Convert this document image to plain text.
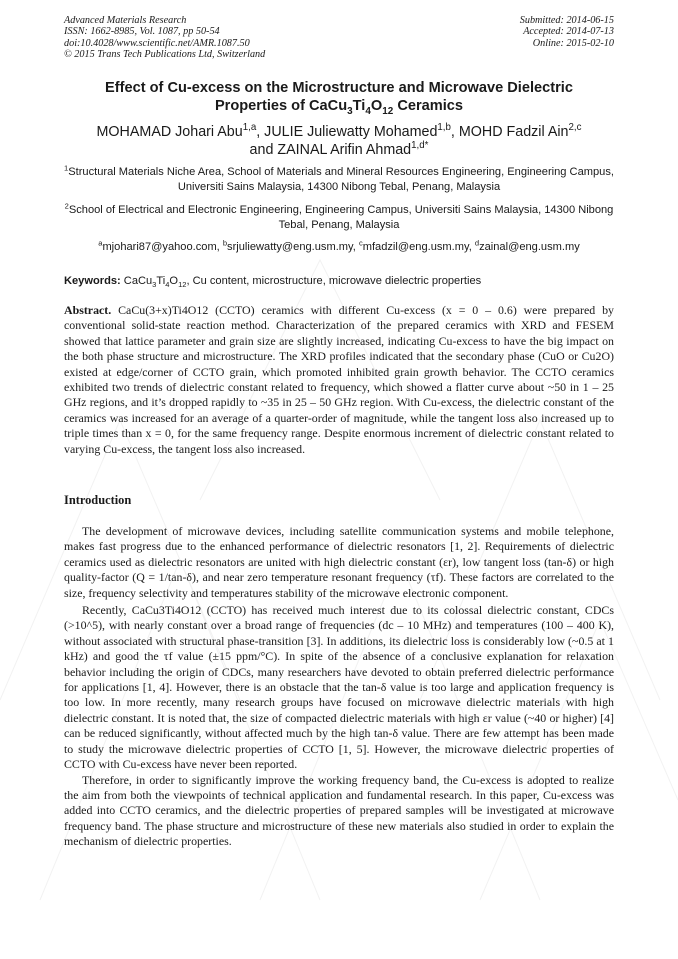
Advanced Materials Research
ISSN: 1662-8985, Vol. 1087, pp 50-54
doi:10.4028/www.scientific.net/AMR.1087.50
© 2015 Trans Tech Publications Ltd, Switzerland
Submitted: 2014-06-15
Accepted: 2014-07-13
Online: 2015-02-10
Effect of Cu-excess on the Microstructure and Microwave Dielectric
Properties of $CaCu_3Ti_4O_{12}$ Ceramics
MOHAMAD Johari Abu$^{1,a}$, JULIE Juliewatty Mohamed$^{1,b}$, MOHD Fadzil Ain$^{2,c}$
and ZAINAL Arifin Ahmad$^{1,d*}$
$^1$Structural Materials Niche Area, School of Materials and Mineral Resources Engineering, Engineering Campus, Universiti Sains Malaysia, 14300 Nibong Tebal, Penang, Malaysia
$^2$School of Electrical and Electronic Engineering, Engineering Campus, Universiti Sains Malaysia, 14300 Nibong Tebal, Penang, Malaysia
$^a$mjohari87@yahoo.com, $^b$srjuliewatty@eng.usm.my, $^c$mfadzil@eng.usm.my, $^d$zainal@eng.usm.my
Keywords: $CaCu_3Ti_4O_{12}$, Cu content, microstructure, microwave dielectric properties
Abstract. CaCu(3+x)Ti4O12 (CCTO) ceramics with different Cu-excess (x = 0 – 0.6) were prepared by conventional solid-state reaction method. Characterization of the prepared ceramics with XRD and FESEM showed that lattice parameter and grain size are slightly increased, indicating Cu-excess to have the big impact on the both phase structure and microstructure. The XRD profiles indicated that the secondary phase (CuO or Cu2O) existed at edge/corner of CCTO grain, which promoted inhibited grain growth behavior. The CCTO ceramics exhibited two trends of dielectric constant related to frequency, which showed a flatter curve about ~50 in 1 – 25 GHz regions, and it’s dropped rapidly to ~35 in 25 – 50 GHz region. With Cu-excess, the dielectric constant of the ceramics was increased for an average of a quarter-order of magnitude, while the tangent loss also increased up to triple times than x = 0, for the same frequency range. Despite enormous increment of dielectric constant related to varying Cu-excess, the tangent loss also increased.
Introduction

The development of microwave devices, including satellite communication systems and mobile telephone, makes fast progress due to the enhanced performance of dielectric resonators [1, 2]. Requirements of dielectric ceramics used as dielectric resonators are united with high dielectric constant (εr), low tangent loss (tan-δ) or high quality-factor (Q = 1/tan-δ), and near zero temperature resonant frequency (τf). These factors are correlated to the size, frequency selectivity and temperatures stability of the microwave electronic component.

Recently, CaCu3Ti4O12 (CCTO) has received much interest due to its colossal dielectric constant, CDCs (>10^5), with nearly constant over a broad range of frequencies (dc – 10 MHz) and temperatures (100 – 400 K), without associated with structural phase-transition [3]. In additions, its dielectric loss is considerably low (~0.5 at 1 kHz) and good the τf value (±15 ppm/°C). In spite of the absence of a conclusive explanation for relaxation behavior including the origin of CDCs, many researchers have devoted to obtain preferred dielectric performance for applications [1, 4]. However, there is an obstacle that the tan-δ value is too large and application frequency is too low. In more recently, many research groups have focused on microwave dielectric materials with high dielectric constant. It is noted that, the size of compacted dielectric materials with high εr value (~40 or higher) [4] can be reduced significantly, without affected much by the high tan-δ value. There are few attempt has been made to study the microwave dielectric properties of CCTO [1, 5]. However, the microwave dielectric properties of CCTO with Cu-excess have never been reported.

Therefore, in order to significantly improve the working frequency band, the Cu-excess is adopted to realize the aim from both the viewpoints of technical application and fundamental research. In this paper, Cu-excess was added into CCTO ceramics, and the dielectric properties of prepared samples will be investigated at microwave frequency band. The phase structure and microstructure of these new materials also studied in order to explain the mechanism of dielectric properties.
